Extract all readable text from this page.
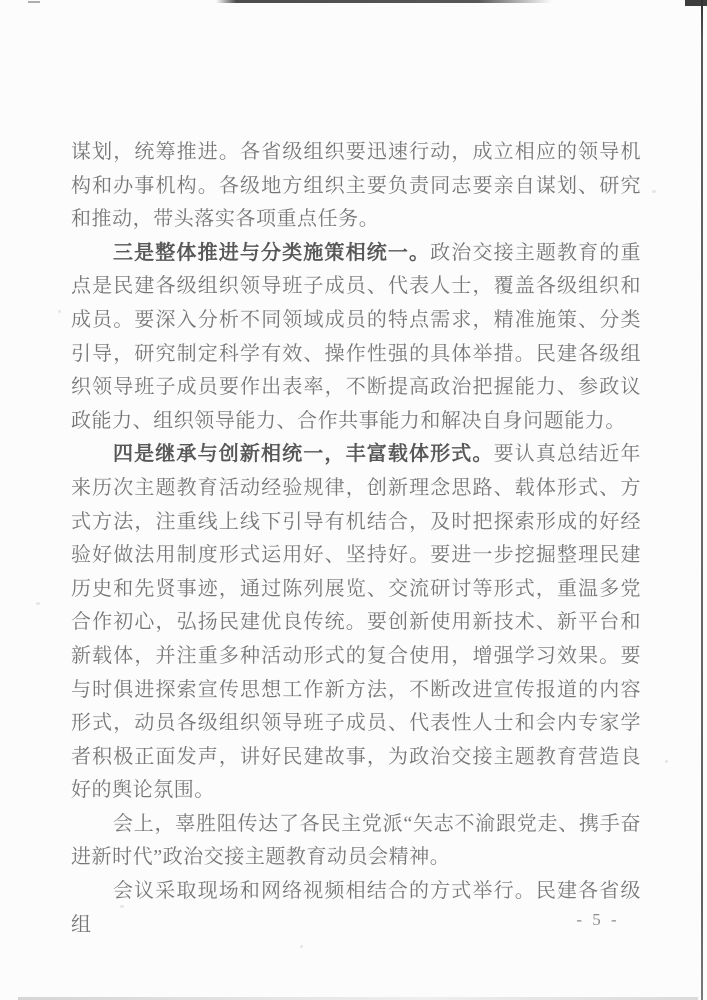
谋划，统筹推进。各省级组织要迅速行动，成立相应的领导机构和办事机构。各级地方组织主要负责同志要亲自谋划、研究和推动，带头落实各项重点任务。

三是整体推进与分类施策相统一。政治交接主题教育的重点是民建各级组织领导班子成员、代表人士，覆盖各级组织和成员。要深入分析不同领域成员的特点需求，精准施策、分类引导，研究制定科学有效、操作性强的具体举措。民建各级组织领导班子成员要作出表率，不断提高政治把握能力、参政议政能力、组织领导能力、合作共事能力和解决自身问题能力。

四是继承与创新相统一，丰富载体形式。要认真总结近年来历次主题教育活动经验规律，创新理念思路、载体形式、方式方法，注重线上线下引导有机结合，及时把探索形成的好经验好做法用制度形式运用好、坚持好。要进一步挖掘整理民建历史和先贤事迹，通过陈列展览、交流研讨等形式，重温多党合作初心，弘扬民建优良传统。要创新使用新技术、新平台和新载体，并注重多种活动形式的复合使用，增强学习效果。要与时俱进探索宣传思想工作新方法，不断改进宣传报道的内容形式，动员各级组织领导班子成员、代表性人士和会内专家学者积极正面发声，讲好民建故事，为政治交接主题教育营造良好的舆论氛围。

会上，辜胜阻传达了各民主党派“矢志不渝跟党走、携手奋进新时代”政治交接主题教育动员会精神。

会议采取现场和网络视频相结合的方式举行。民建各省级组	- 5 -
